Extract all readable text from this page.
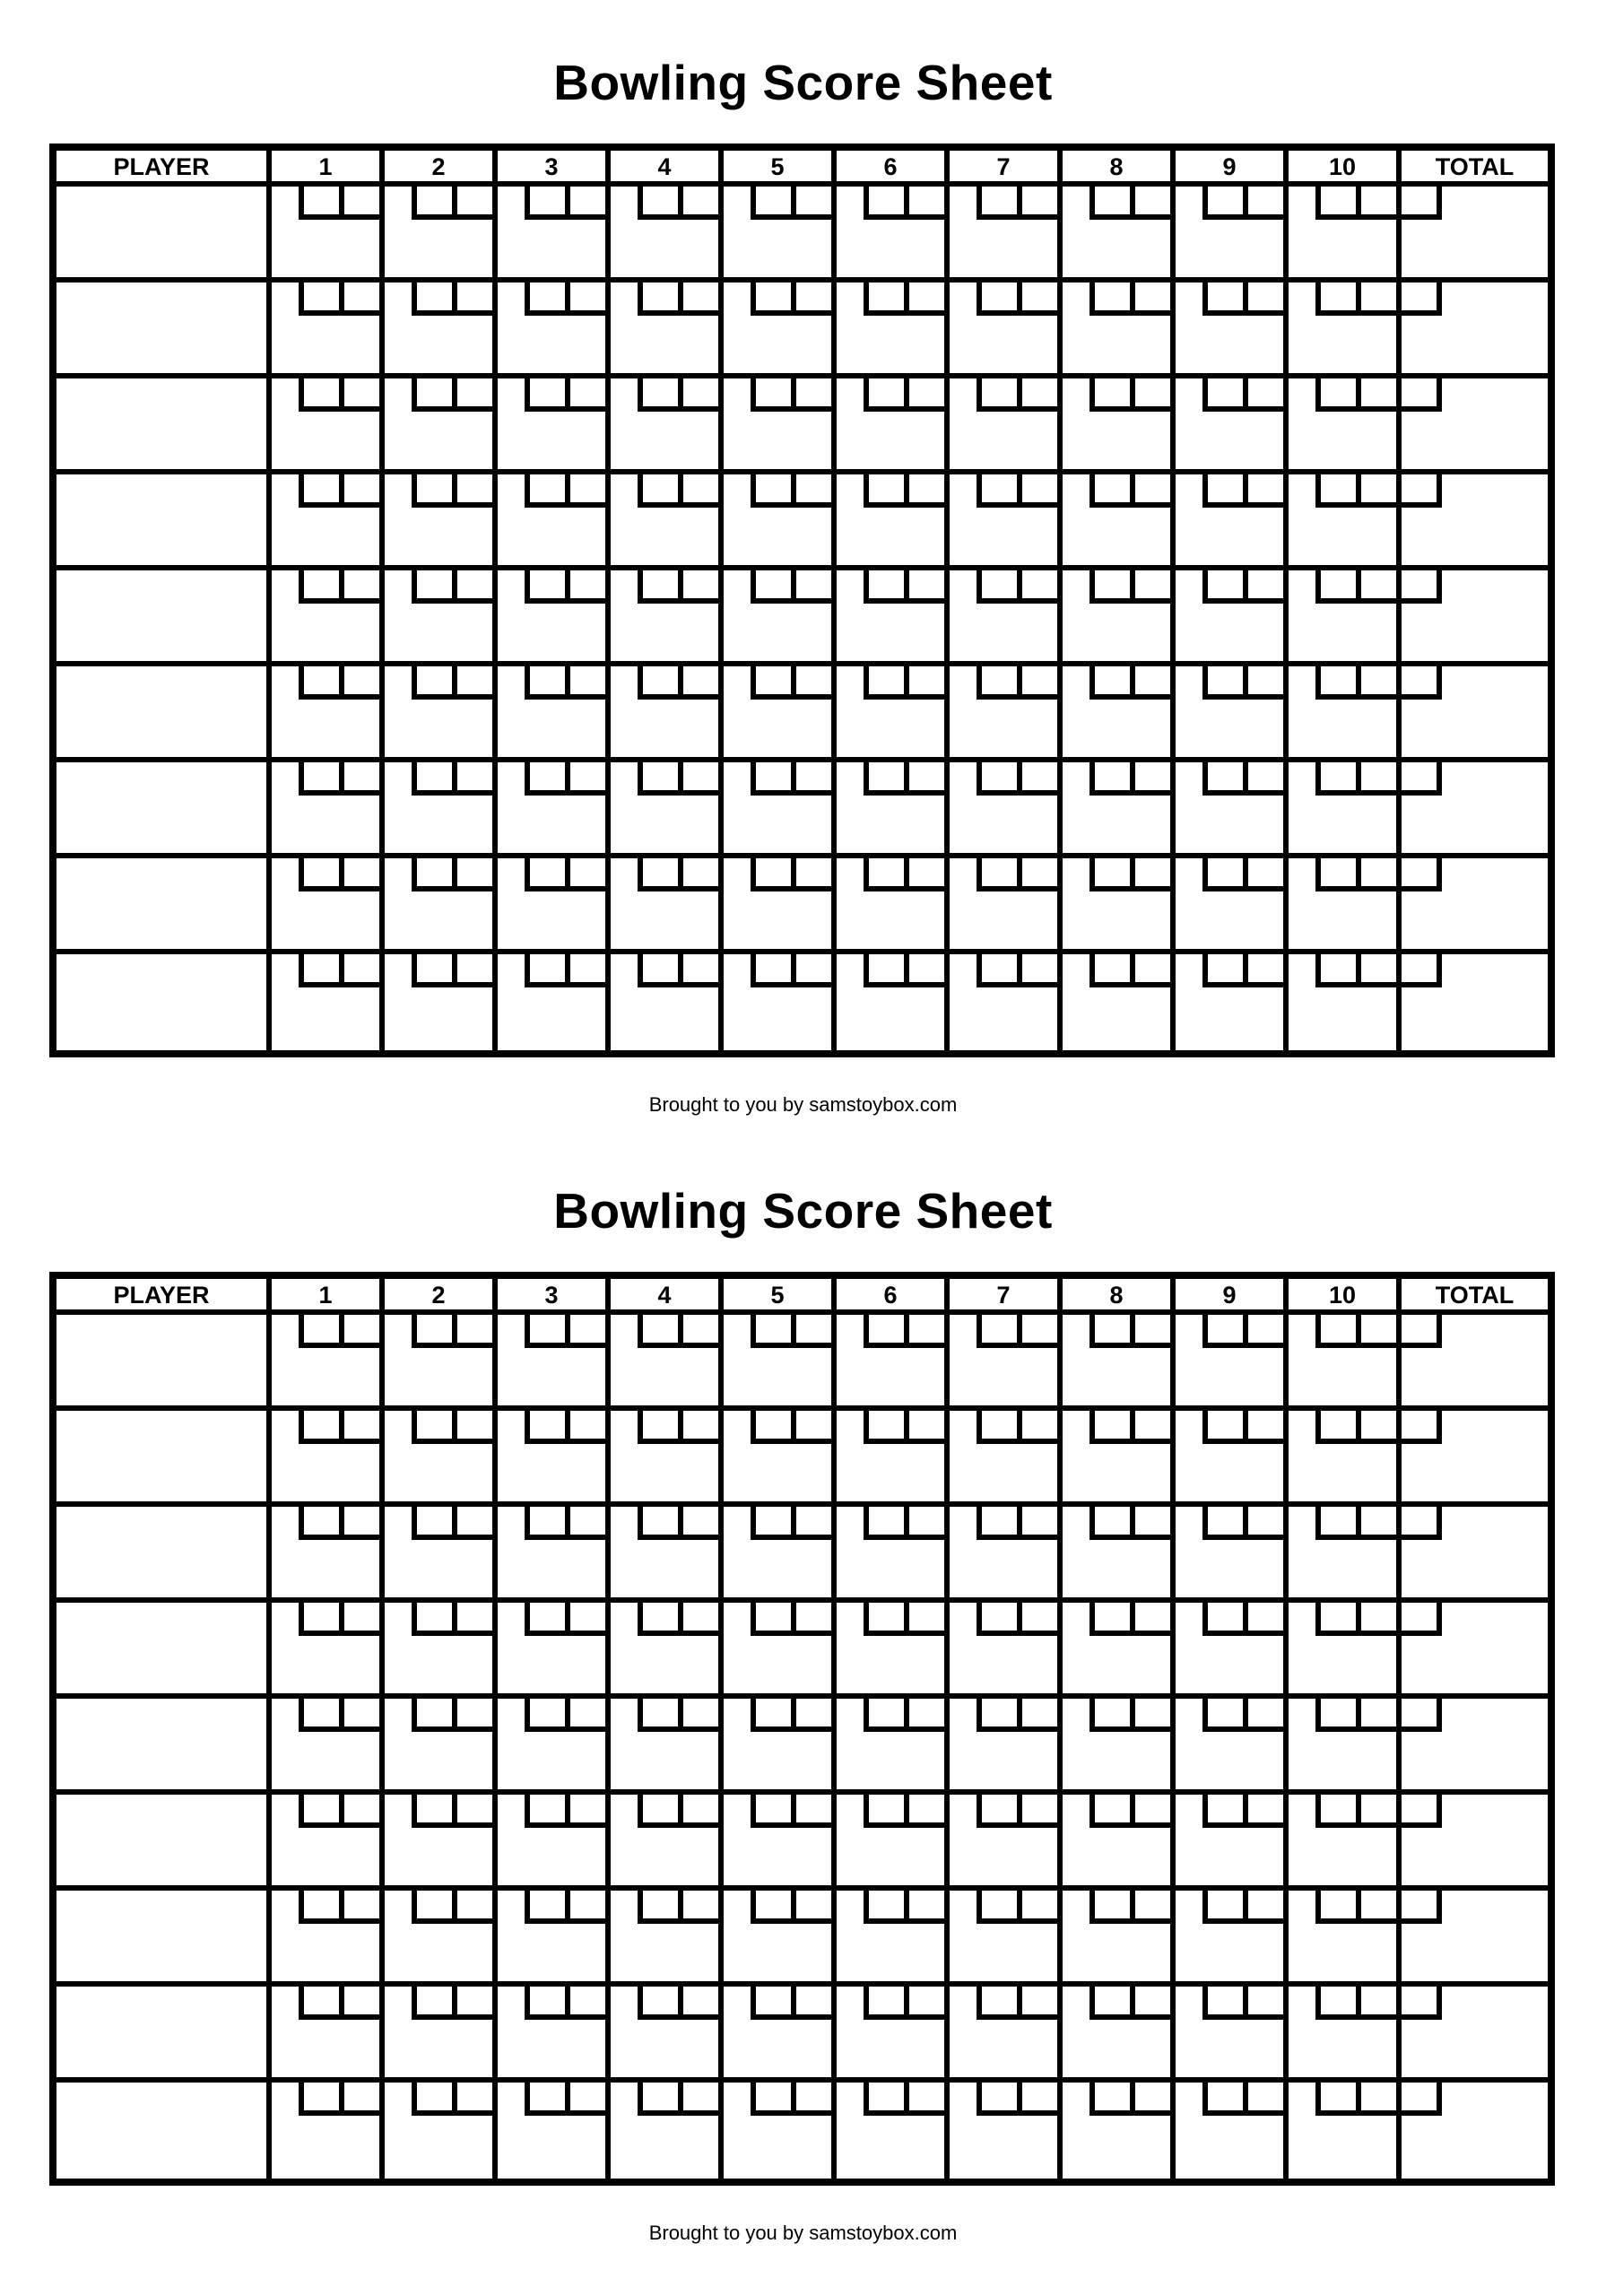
Bowling Score Sheet
PLAYER	1	2	3	4	5	6	7	8	9	10	TOTAL
Brought to you by samstoybox.com
Bowling Score Sheet
PLAYER	1	2	3	4	5	6	7	8	9	10	TOTAL
Brought to you by samstoybox.com
